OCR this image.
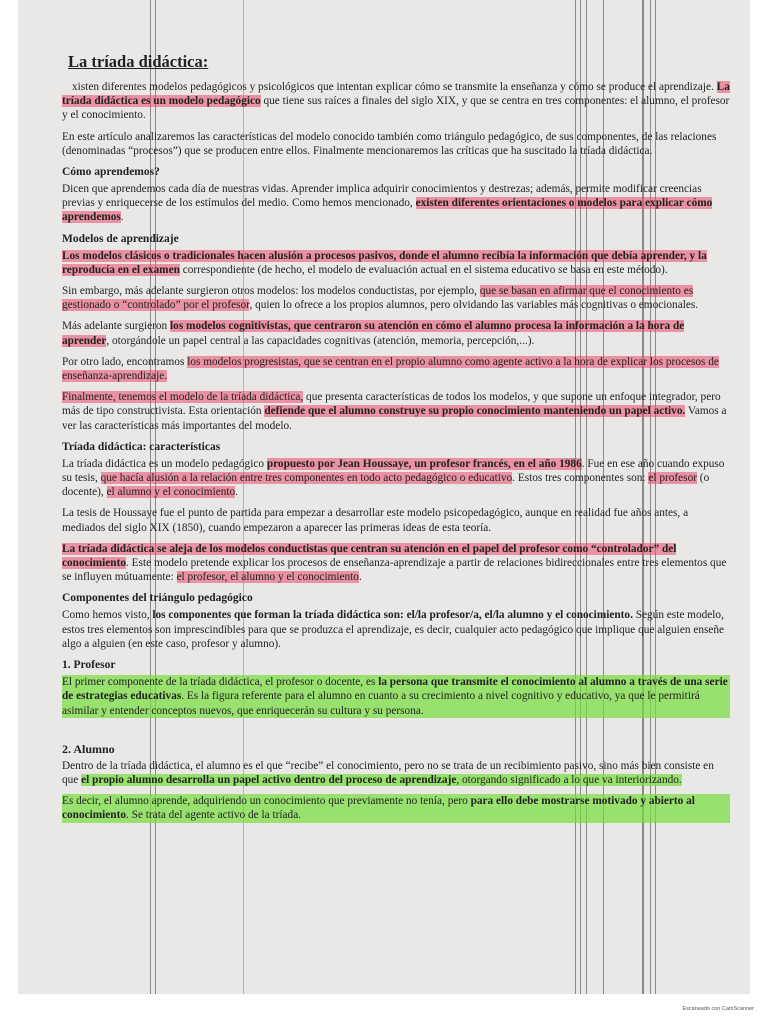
La tríada didáctica:

xisten diferentes modelos pedagógicos y psicológicos que intentan explicar cómo se transmite la enseñanza y cómo se produce el aprendizaje. La tríada didáctica es un modelo pedagógico que tiene sus raíces a finales del siglo XIX, y que se centra en tres componentes: el alumno, el profesor y el conocimiento.

En este artículo analizaremos las características del modelo conocido también como triángulo pedagógico, de sus componentes, de las relaciones (denominadas “procesos”) que se producen entre ellos. Finalmente mencionaremos las críticas que ha suscitado la tríada didáctica.

Cómo aprendemos?

Dicen que aprendemos cada día de nuestras vidas. Aprender implica adquirir conocimientos y destrezas; además, permite modificar creencias previas y enriquecerse de los estímulos del medio. Como hemos mencionado, existen diferentes orientaciones o modelos para explicar cómo aprendemos.

Modelos de aprendizaje

Los modelos clásicos o tradicionales hacen alusión a procesos pasivos, donde el alumno recibía la información que debía aprender, y la reproducía en el examen correspondiente (de hecho, el modelo de evaluación actual en el sistema educativo se basa en este método).

Sin embargo, más adelante surgieron otros modelos: los modelos conductistas, por ejemplo, que se basan en afirmar que el conocimiento es gestionado o “controlado” por el profesor, quien lo ofrece a los propios alumnos, pero olvidando las variables más cognitivas o emocionales.

Más adelante surgieron los modelos cognitivistas, que centraron su atención en cómo el alumno procesa la información a la hora de aprender, otorgándole un papel central a las capacidades cognitivas (atención, memoria, percepción,...).

Por otro lado, encontramos los modelos progresistas, que se centran en el propio alumno como agente activo a la hora de explicar los procesos de enseñanza-aprendizaje.

Finalmente, tenemos el modelo de la tríada didáctica, que presenta características de todos los modelos, y que supone un enfoque integrador, pero más de tipo constructivista. Esta orientación defiende que el alumno construye su propio conocimiento manteniendo un papel activo. Vamos a ver las características más importantes del modelo.

Tríada didáctica: características

La tríada didáctica es un modelo pedagógico propuesto por Jean Houssaye, un profesor francés, en el año 1986. Fue en ese año cuando expuso su tesis, que hacía alusión a la relación entre tres componentes en todo acto pedagógico o educativo. Estos tres componentes son: el profesor (o docente), el alumno y el conocimiento.

La tesis de Houssaye fue el punto de partida para empezar a desarrollar este modelo psicopedagógico, aunque en realidad fue años antes, a mediados del siglo XIX (1850), cuando empezaron a aparecer las primeras ideas de esta teoría.

La tríada didáctica se aleja de los modelos conductistas que centran su atención en el papel del profesor como “controlador” del conocimiento. Este modelo pretende explicar los procesos de enseñanza-aprendizaje a partir de relaciones bidireccionales entre tres elementos que se influyen mútuamente: el profesor, el alumno y el conocimiento.

Componentes del triángulo pedagógico

Como hemos visto, los componentes que forman la tríada didáctica son: el/la profesor/a, el/la alumno y el conocimiento. Según este modelo, estos tres elementos son imprescindibles para que se produzca el aprendizaje, es decir, cualquier acto pedagógico que implique que alguien enseñe algo a alguien (en este caso, profesor y alumno).

1. Profesor

El primer componente de la tríada didáctica, el profesor o docente, es la persona que transmite el conocimiento al alumno a través de una serie de estrategias educativas. Es la figura referente para el alumno en cuanto a su crecimiento a nivel cognitivo y educativo, ya que le permitirá asimilar y entender conceptos nuevos, que enriquecerán su cultura y su persona.

2. Alumno

Dentro de la tríada didáctica, el alumno es el que “recibe” el conocimiento, pero no se trata de un recibimiento pasivo, sino más bien consiste en que el propio alumno desarrolla un papel activo dentro del proceso de aprendizaje, otorgando significado a lo que va interiorizando.

Es decir, el alumno aprende, adquiriendo un conocimiento que previamente no tenía, pero para ello debe mostrarse motivado y abierto al conocimiento. Se trata del agente activo de la tríada.

Escaneado con CamScanner
